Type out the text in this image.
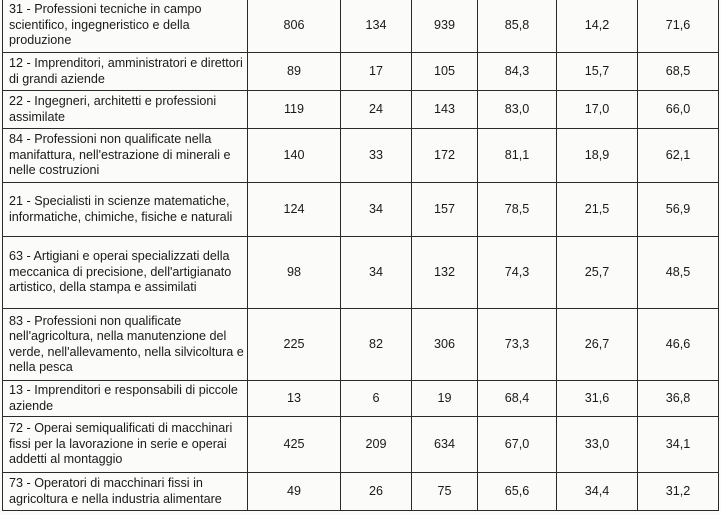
31 - Professioni tecniche in campo scientifico, ingegneristico e della produzione	806	134	939	85,8	14,2	71,6
12 - Imprenditori, amministratori e direttori di grandi aziende	89	17	105	84,3	15,7	68,5
22 - Ingegneri, architetti e professioni assimilate	119	24	143	83,0	17,0	66,0
84 - Professioni non qualificate nella manifattura, nell'estrazione di minerali e nelle costruzioni	140	33	172	81,1	18,9	62,1
21 - Specialisti in scienze matematiche, informatiche, chimiche, fisiche e naturali	124	34	157	78,5	21,5	56,9
63 - Artigiani e operai specializzati della meccanica di precisione, dell'artigianato artistico, della stampa e assimilati	98	34	132	74,3	25,7	48,5
83 - Professioni non qualificate nell'agricoltura, nella manutenzione del verde, nell'allevamento, nella silvicoltura e nella pesca	225	82	306	73,3	26,7	46,6
13 - Imprenditori e responsabili di piccole aziende	13	6	19	68,4	31,6	36,8
72 - Operai semiqualificati di macchinari fissi per la lavorazione in serie e operai addetti al montaggio	425	209	634	67,0	33,0	34,1
73 - Operatori di macchinari fissi in agricoltura e nella industria alimentare	49	26	75	65,6	34,4	31,2
